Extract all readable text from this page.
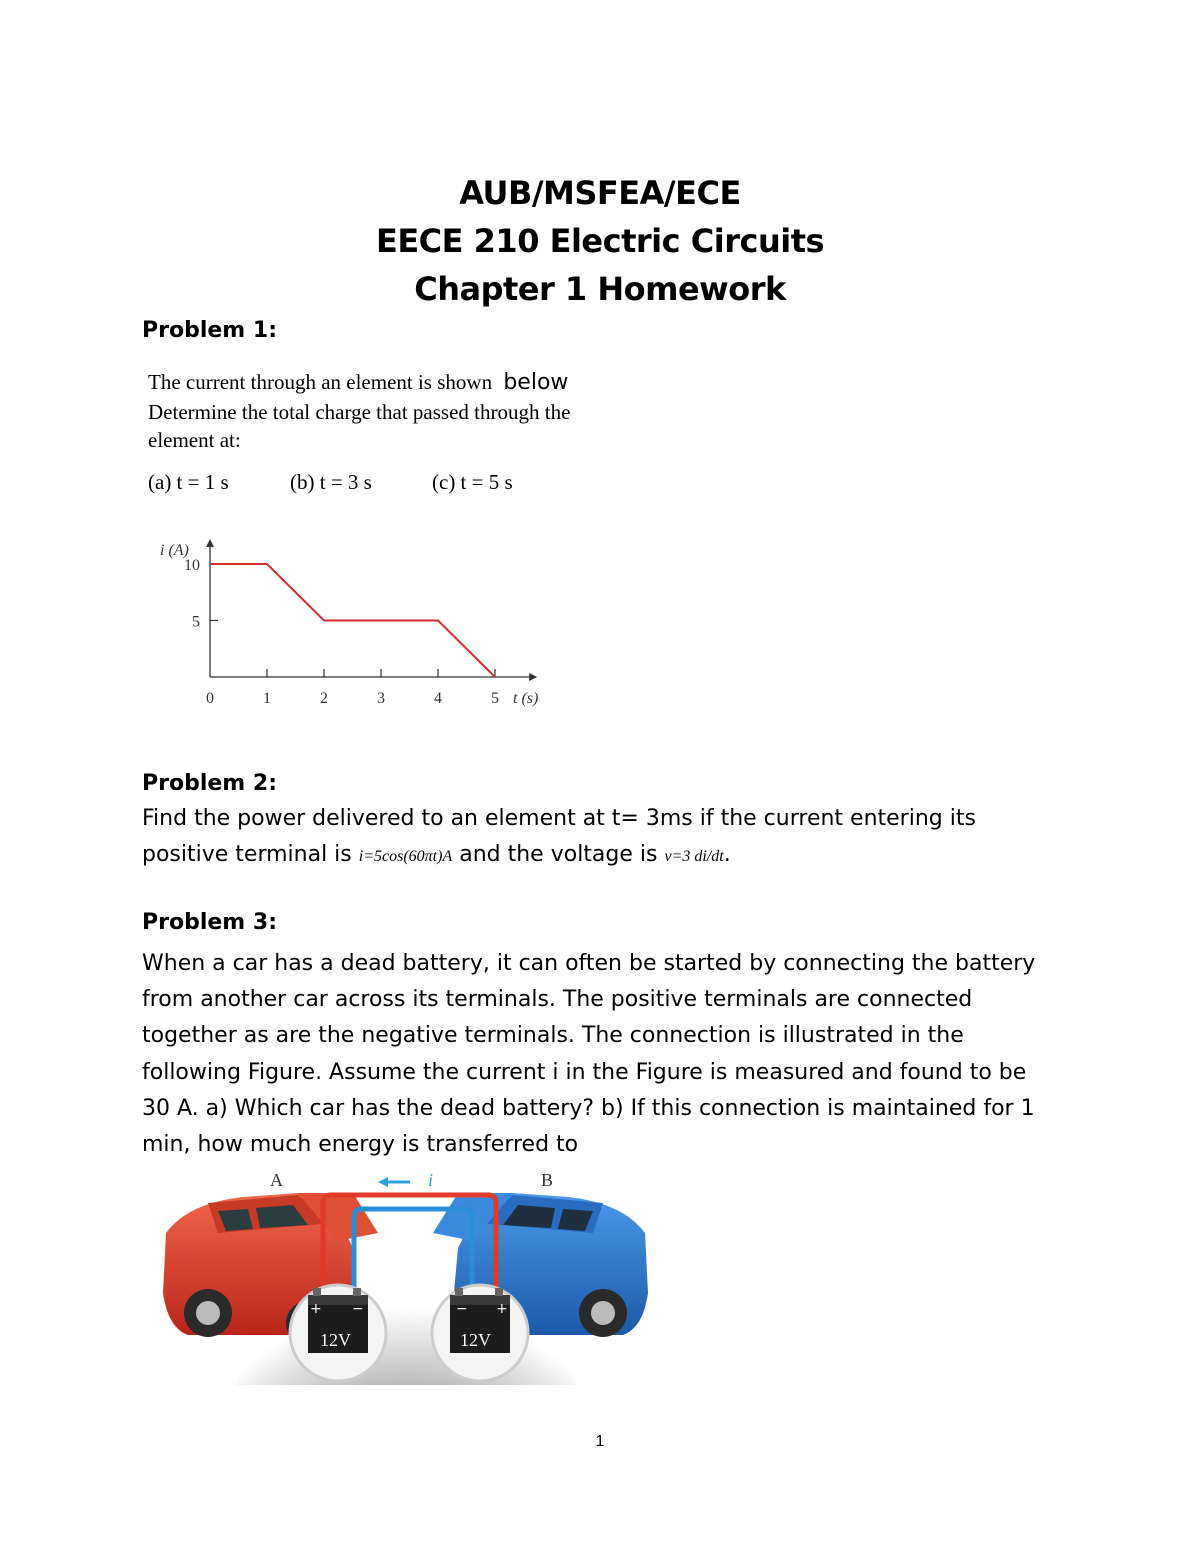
AUB/MSFEA/ECE
EECE 210 Electric Circuits
Chapter 1 Homework
Problem 1:
The current through an element is shown below
Determine the total charge that passed through the
element at:
(a) t = 1 s	(b) t = 3 s	(c) t = 5 s
0	1	2	3	4	5
5
10
i (A)
t (s)
Problem 2:
Find the power delivered to an element at t= 3ms if the current entering its
positive terminal is i=5cos(60πt)A and the voltage is v=3 di/dt.
Problem 3:
When a car has a dead battery, it can often be started by connecting the battery
from another car across its terminals. The positive terminals are connected
together as are the negative terminals. The connection is illustrated in the
following Figure. Assume the current i in the Figure is measured and found to be
30 A. a) Which car has the dead battery? b) If this connection is maintained for 1
min, how much energy is transferred to
i
A	B
+ −
12V
− +
12V
1
